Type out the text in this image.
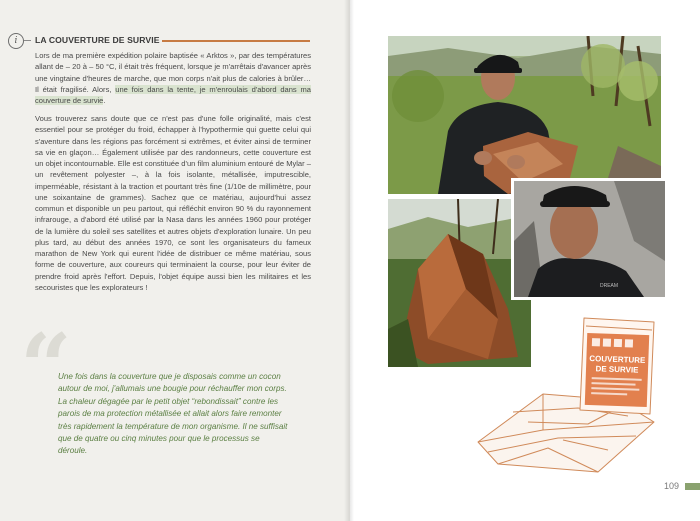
i	LA COUVERTURE DE SURVIE

Lors de ma première expédition polaire baptisée « Arktos », par des températures allant de – 20 à – 50 °C, il était très fréquent, lorsque je m'arrêtais d'avancer après une vingtaine d'heures de marche, que mon corps n'ait plus de calories à brûler… Il était fragilisé. Alors, une fois dans la tente, je m'enroulais d'abord dans ma couverture de survie.

Vous trouverez sans doute que ce n'est pas d'une folle originalité, mais c'est essentiel pour se protéger du froid, échapper à l'hypothermie qui guette celui qui s'aventure dans les régions pas forcément si extrêmes, et éviter ainsi de terminer sa vie en glaçon… Également utilisée par des randonneurs, cette couverture est un objet incontournable. Elle est constituée d'un film aluminium entouré de Mylar – un revêtement polyester –, à la fois isolante, métallisée, imputrescible, imperméable, résistant à la traction et pourtant très fine (1/10e de millimètre, pour une soixantaine de grammes). Sachez que ce matériau, aujourd'hui assez commun et disponible un peu partout, qui réfléchit environ 90 % du rayonnement infrarouge, a d'abord été utilisé par la Nasa dans les années 1960 pour protéger de la lumière du soleil ses satellites et autres objets d'exploration lunaire. Un peu plus tard, au début des années 1970, ce sont les organisateurs du fameux marathon de New York qui eurent l'idée de distribuer ce même matériau, sous forme de couverture, aux coureurs qui terminaient la course, pour leur éviter de prendre froid après l'effort. Depuis, l'objet équipe aussi bien les militaires et les secouristes que les explorateurs !

“

Une fois dans la couverture que je disposais comme un cocon autour de moi, j'allumais une bougie pour réchauffer mon corps. La chaleur dégagée par le petit objet “rebondissait” contre les parois de ma protection métallisée et allait alors faire remonter très rapidement la température de mon organisme. Il ne suffisait que de quatre ou cinq minutes pour que le processus se déroule.

DREAM
COUVERTURE
DE SURVIE
109
